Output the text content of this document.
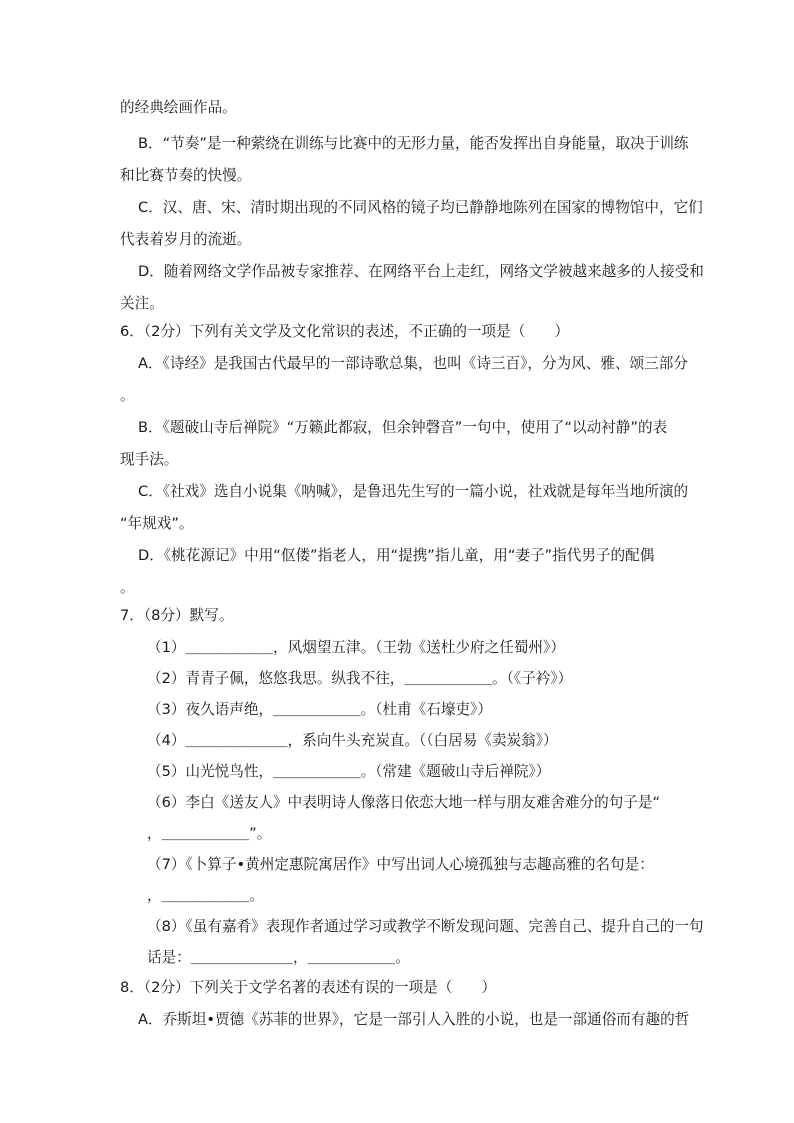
的经典绘画作品。
B．“节奏”是一种萦绕在训练与比赛中的无形力量，能否发挥出自身能量，取决于训练
和比赛节奏的快慢。
C．汉、唐、宋、清时期出现的不同风格的镜子均已静静地陈列在国家的博物馆中，它们
代表着岁月的流逝。
D．随着网络文学作品被专家推荐、在网络平台上走红，网络文学被越来越多的人接受和
关注。
6．（2分）下列有关文学及文化常识的表述，不正确的一项是（　　）
A．《诗经》是我国古代最早的一部诗歌总集，也叫《诗三百》，分为风、雅、颂三部分
。
B．《题破山寺后禅院》“万籁此都寂，但余钟磬音”一句中，使用了“以动衬静”的表
现手法。
C．《社戏》选自小说集《呐喊》，是鲁迅先生写的一篇小说，社戏就是每年当地所演的
“年规戏”。
D．《桃花源记》中用“伛偻”指老人，用“提携”指儿童，用“妻子”指代男子的配偶
。
7．（8分）默写。
（1）＿＿＿＿＿＿，风烟望五津。（王勃《送杜少府之任蜀州》）
（2）青青子佩，悠悠我思。纵我不往，＿＿＿＿＿＿。（《子衿》）
（3）夜久语声绝，＿＿＿＿＿＿。（杜甫《石壕吏》）
（4）＿＿＿＿＿＿＿，系向牛头充炭直。（（白居易《卖炭翁》）
（5）山光悦鸟性，＿＿＿＿＿＿。（常建《题破山寺后禅院》）
（6）李白《送友人》中表明诗人像落日依恋大地一样与朋友难舍难分的句子是“
，＿＿＿＿＿＿”。
（7）《卜算子•黄州定惠院寓居作》中写出词人心境孤独与志趣高雅的名句是：
，＿＿＿＿＿＿。
（8）《虽有嘉肴》表现作者通过学习或教学不断发现问题、完善自己、提升自己的一句
话是：＿＿＿＿＿＿＿，＿＿＿＿＿＿。
8．（2分）下列关于文学名著的表述有误的一项是（　　）
A．乔斯坦•贾德《苏菲的世界》，它是一部引人入胜的小说，也是一部通俗而有趣的哲
